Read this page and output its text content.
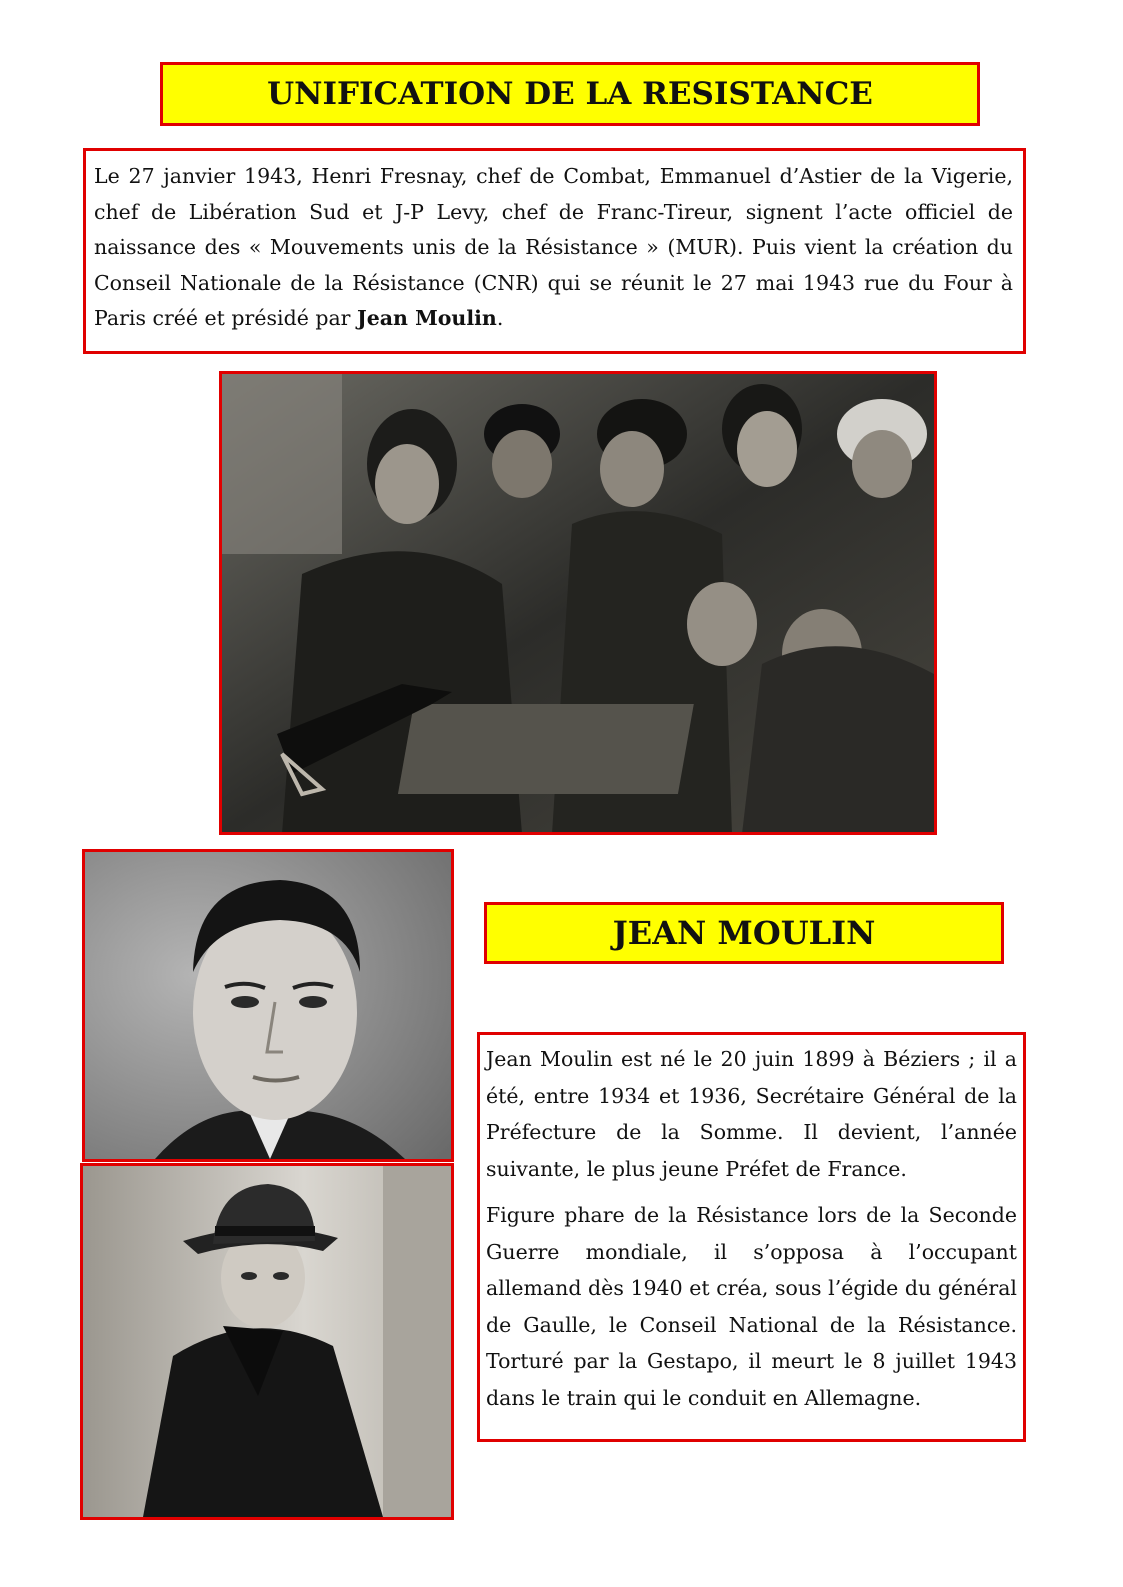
UNIFICATION DE LA RESISTANCE

Le 27 janvier 1943, Henri Fresnay, chef de Combat, Emmanuel d’Astier de la Vigerie, chef de Libération Sud et J-P Levy, chef de Franc-Tireur, signent l’acte officiel de naissance des « Mouvements unis de la Résistance » (MUR). Puis vient la création du Conseil Nationale de la Résistance (CNR) qui se réunit le 27 mai 1943 rue du Four à Paris créé et présidé par Jean Moulin.

JEAN MOULIN

Jean Moulin est né le 20 juin 1899 à Béziers ; il a été, entre 1934 et 1936, Secrétaire Général de la Préfecture de la Somme. Il devient, l’année suivante, le plus jeune Préfet de France.

Figure phare de la Résistance lors de la Seconde Guerre mondiale, il s’opposa à l’occupant allemand dès 1940 et créa, sous l’égide du général de Gaulle, le Conseil National de la Résistance. Torturé par la Gestapo, il meurt le 8 juillet 1943 dans le train qui le conduit en Allemagne.
